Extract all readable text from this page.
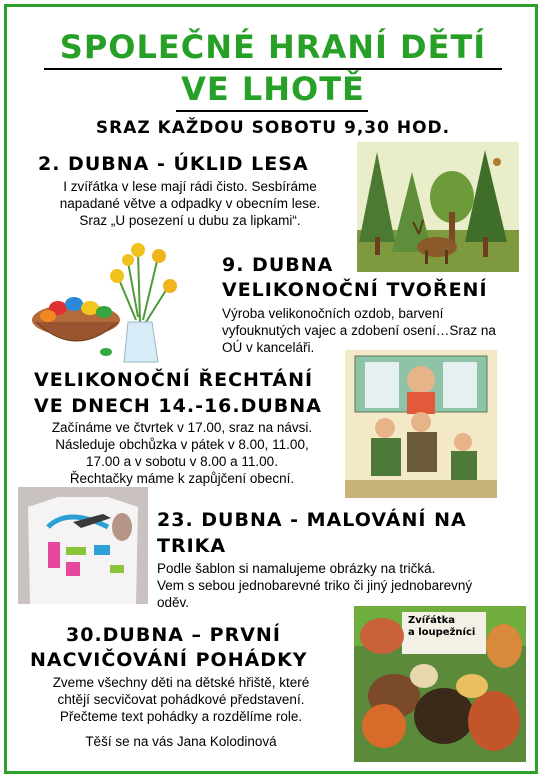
SPOLEČNÉ HRANÍ DĚTÍ
VE LHOTĚ
SRAZ KAŽDOU SOBOTU 9,30 HOD.
2. DUBNA - ÚKLID LESA
I zvířátka v lese mají rádi čisto. Sesbíráme
napadané větve a odpadky v obecním lese.
Sraz „U posezení u dubu za lipkami“.
9. DUBNA
VELIKONOČNÍ TVOŘENÍ
Výroba velikonočních ozdob, barvení
vyfouknutých vajec a zdobení osení…Sraz na
OÚ v kanceláři.
VELIKONOČNÍ ŘECHTÁNÍ
VE DNECH 14.-16.DUBNA
Začínáme ve čtvrtek v 17.00, sraz na návsi.
Následuje obchůzka v pátek v 8.00, 11.00,
17.00 a v sobotu v 8.00 a 11.00.
Řechtačky máme k zapůjčení obecní.
23. DUBNA - MALOVÁNÍ NA
TRIKA
Podle šablon si namalujeme obrázky na tričká.
Vem s sebou jednobarevné triko či jiný jednobarevný
oděv.
30.DUBNA – PRVNÍ
NACVIČOVÁNÍ POHÁDKY
Zveme všechny děti na dětské hřiště, které
chtějí secvičovat pohádkové představení.
Přečteme text pohádky a rozdělíme role.
Těší se na vás Jana Kolodinová
Zvířátka
a loupežníci
